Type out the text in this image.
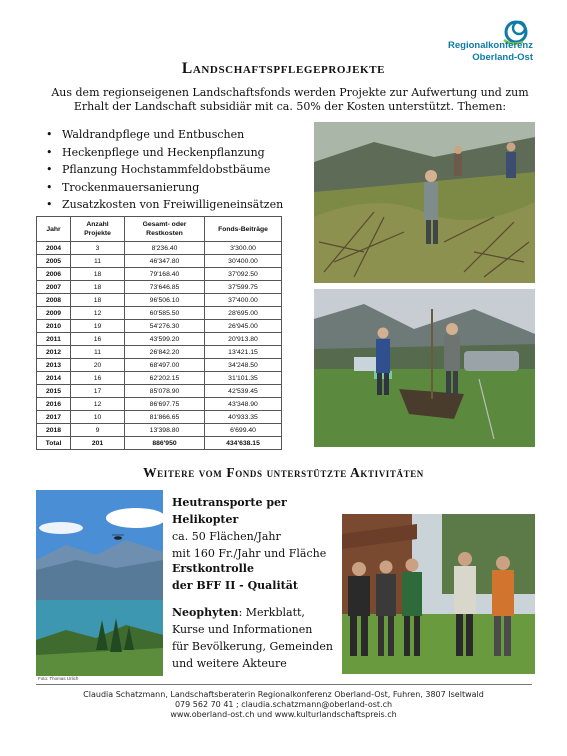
Regionalkonferenz
Oberland-Ost
Landschaftspflegeprojekte
Aus dem regionseigenen Landschaftsfonds werden Projekte zur Aufwertung und zum Erhalt der Landschaft subsidiär mit ca. 50% der Kosten unterstützt. Themen:
• Waldrandpflege und Entbuschen
• Heckenpflege und Heckenpflanzung
• Pflanzung Hochstammfeldobstbäume
• Trockenmauersanierung
• Zusatzkosten von Freiwilligeneinsätzen
Jahr	Anzahl Projekte	Gesamt- oder Restkosten	Fonds-Beiträge
2004	3	8'236.40	3'300.00
2005	11	46'347.80	30'400.00
2006	18	79'168.40	37'092.50
2007	18	73'646.85	37'599.75
2008	18	96'506.10	37'400.00
2009	12	60'585.50	28'695.00
2010	19	54'276.30	26'945.00
2011	16	43'599.20	20'913.80
2012	11	26'842.20	13'421.15
2013	20	68'497.00	34'248.50
2014	16	62'202.15	31'101.35
2015	17	85'078.90	42'539.45
2016	12	86'697.75	43'348.90
2017	10	81'866.65	40'933.35
2018	9	13'398.80	6'699.40
Total	201	886'950	434'638.15
Weitere vom Fonds unterstützte Aktivitäten
Foto: Thomas Urlich
Heutransporte per Helikopter
ca. 50 Flächen/Jahr
mit 160 Fr./Jahr und Fläche
Erstkontrolle
der BFF II - Qualität
Neophyten: Merkblatt,
Kurse und Informationen
für Bevölkerung, Gemeinden
und weitere Akteure
Claudia Schatzmann, Landschaftsberaterin Regionalkonferenz Oberland-Ost, Fuhren, 3807 Iseltwald
079 562 70 41 ; claudia.schatzmann@oberland-ost.ch
www.oberland-ost.ch und www.kulturlandschaftspreis.ch
